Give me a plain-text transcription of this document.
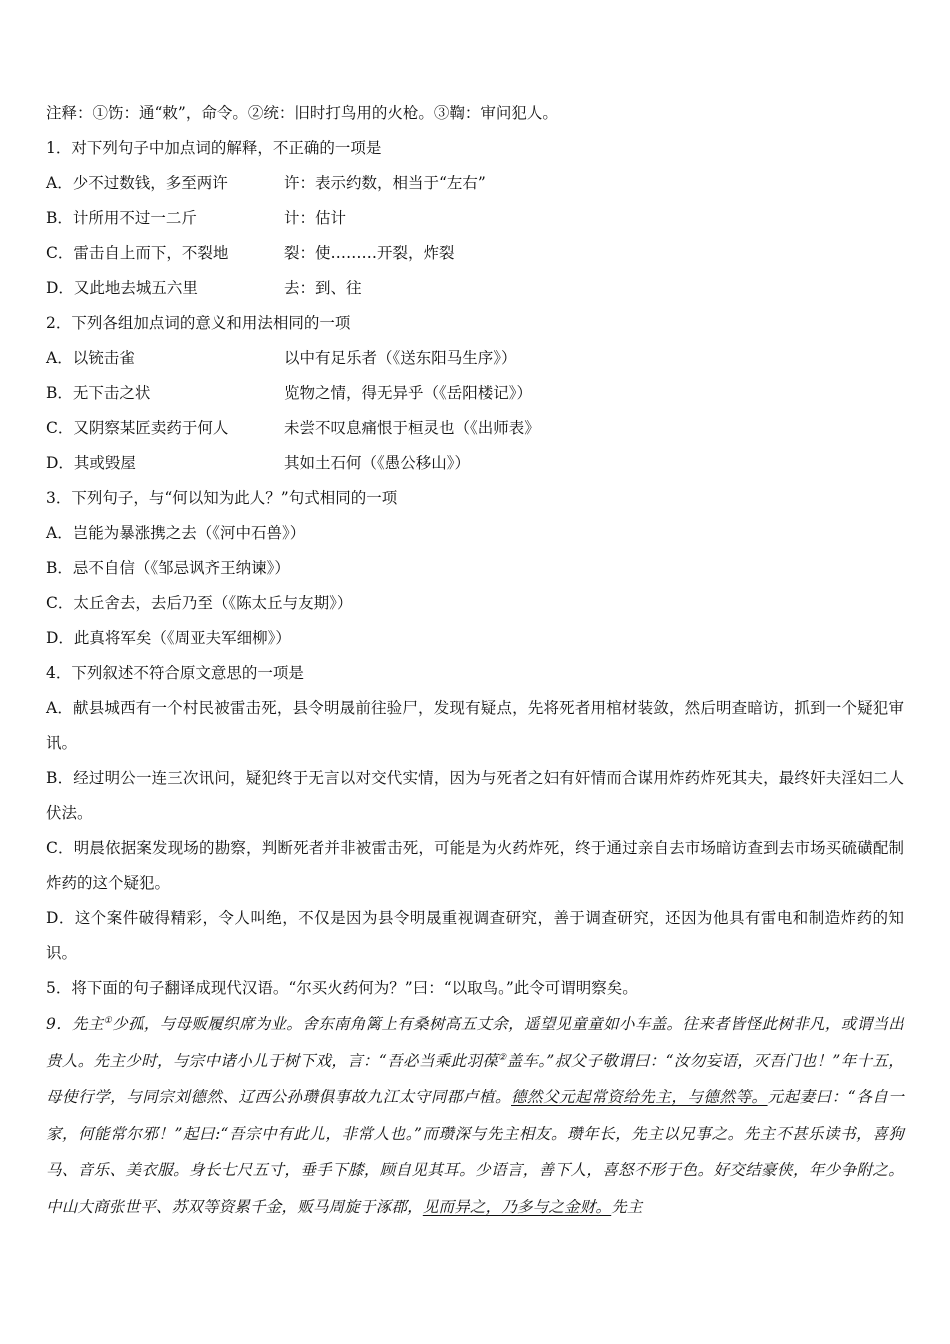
注释：①饬：通“敕”，命令。②统：旧时打鸟用的火枪。③鞫：审问犯人。
1．对下列句子中加点词的解释，不正确的一项是
A．少不过数钱，多至两许	许：表示约数，相当于“左右”
B．计所用不过一二斤	计：估计
C．雷击自上而下，不裂地	裂：使………开裂，炸裂
D．又此地去城五六里	去：到、往
2．下列各组加点词的意义和用法相同的一项
A．以铳击雀	以中有足乐者（《送东阳马生序》）
B．无下击之状	览物之情，得无异乎（《岳阳楼记》）
C．又阴察某匠卖药于何人	未尝不叹息痛恨于桓灵也（《出师表》
D．其或毁屋	其如土石何（《愚公移山》）
3．下列句子，与“何以知为此人？”句式相同的一项
A．岂能为暴涨携之去（《河中石兽》）
B．忌不自信（《邹忌讽齐王纳谏》）
C．太丘舍去，去后乃至（《陈太丘与友期》）
D．此真将军矣（《周亚夫军细柳》）
4．下列叙述不符合原文意思的一项是
A．献县城西有一个村民被雷击死，县令明晟前往验尸，发现有疑点，先将死者用棺材装敛，然后明查暗访，抓到一个疑犯审讯。
B．经过明公一连三次讯问，疑犯终于无言以对交代实情，因为与死者之妇有奸情而合谋用炸药炸死其夫，最终奸夫淫妇二人伏法。
C．明晨依据案发现场的勘察，判断死者并非被雷击死，可能是为火药炸死，终于通过亲自去市场暗访查到去市场买硫磺配制炸药的这个疑犯。
D．这个案件破得精彩，令人叫绝，不仅是因为县令明晟重视调查研究，善于调查研究，还因为他具有雷电和制造炸药的知识。
5．将下面的句子翻译成现代汉语。“尔买火药何为？”曰：“以取鸟。”此令可谓明察矣。
9．先主①少孤，与母贩履织席为业。舍东南角篱上有桑树高五丈余，遥望见童童如小车盖。往来者皆怪此树非凡，或谓当出贵人。先主少时，与宗中诸小儿于树下戏，言：“吾必当乘此羽葆②盖车。”叔父子敬谓曰：“汝勿妄语，灭吾门也！”年十五，母使行学，与同宗刘德然、辽西公孙瓒俱事故九江太守同郡卢植。德然父元起常资给先主，与德然等。元起妻曰：“各自一家，何能常尔邪！”起曰:“吾宗中有此儿，非常人也。”而瓒深与先主相友。瓒年长，先主以兄事之。先主不甚乐读书，喜狗马、音乐、美衣服。身长七尺五寸，垂手下膝，顾自见其耳。少语言，善下人，喜怒不形于色。好交结豪侠，年少争附之。中山大商张世平、苏双等资累千金，贩马周旋于涿郡，见而异之，乃多与之金财。先主
